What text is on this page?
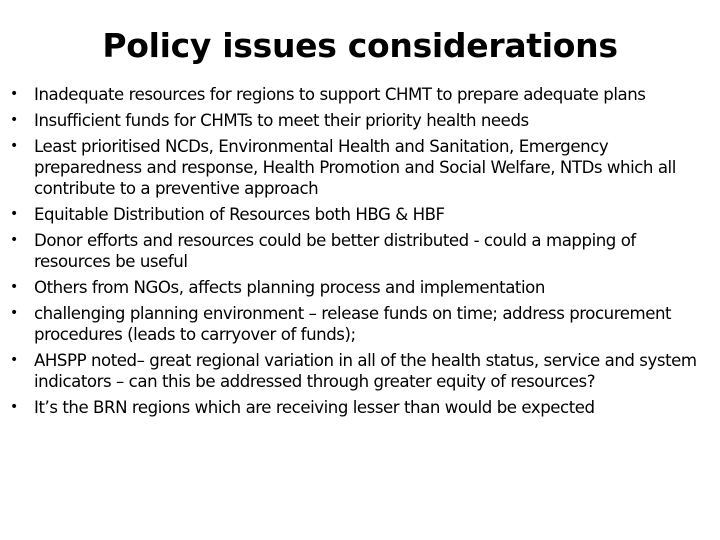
Policy issues considerations
• Inadequate resources for regions to support CHMT to prepare adequate plans
• Insufficient funds for CHMTs to meet their priority health needs
• Least prioritised NCDs, Environmental Health and Sanitation, Emergency preparedness and response, Health Promotion and Social Welfare, NTDs which all contribute to a preventive approach
• Equitable Distribution of Resources both HBG & HBF
• Donor efforts and resources could be better distributed - could a mapping of resources be useful
• Others from NGOs, affects planning process and implementation
• challenging planning environment – release funds on time; address procurement procedures (leads to carryover of funds);
• AHSPP noted– great regional variation in all of the health status, service and system indicators – can this be addressed through greater equity of resources?
• It’s the BRN regions which are receiving lesser than would be expected
